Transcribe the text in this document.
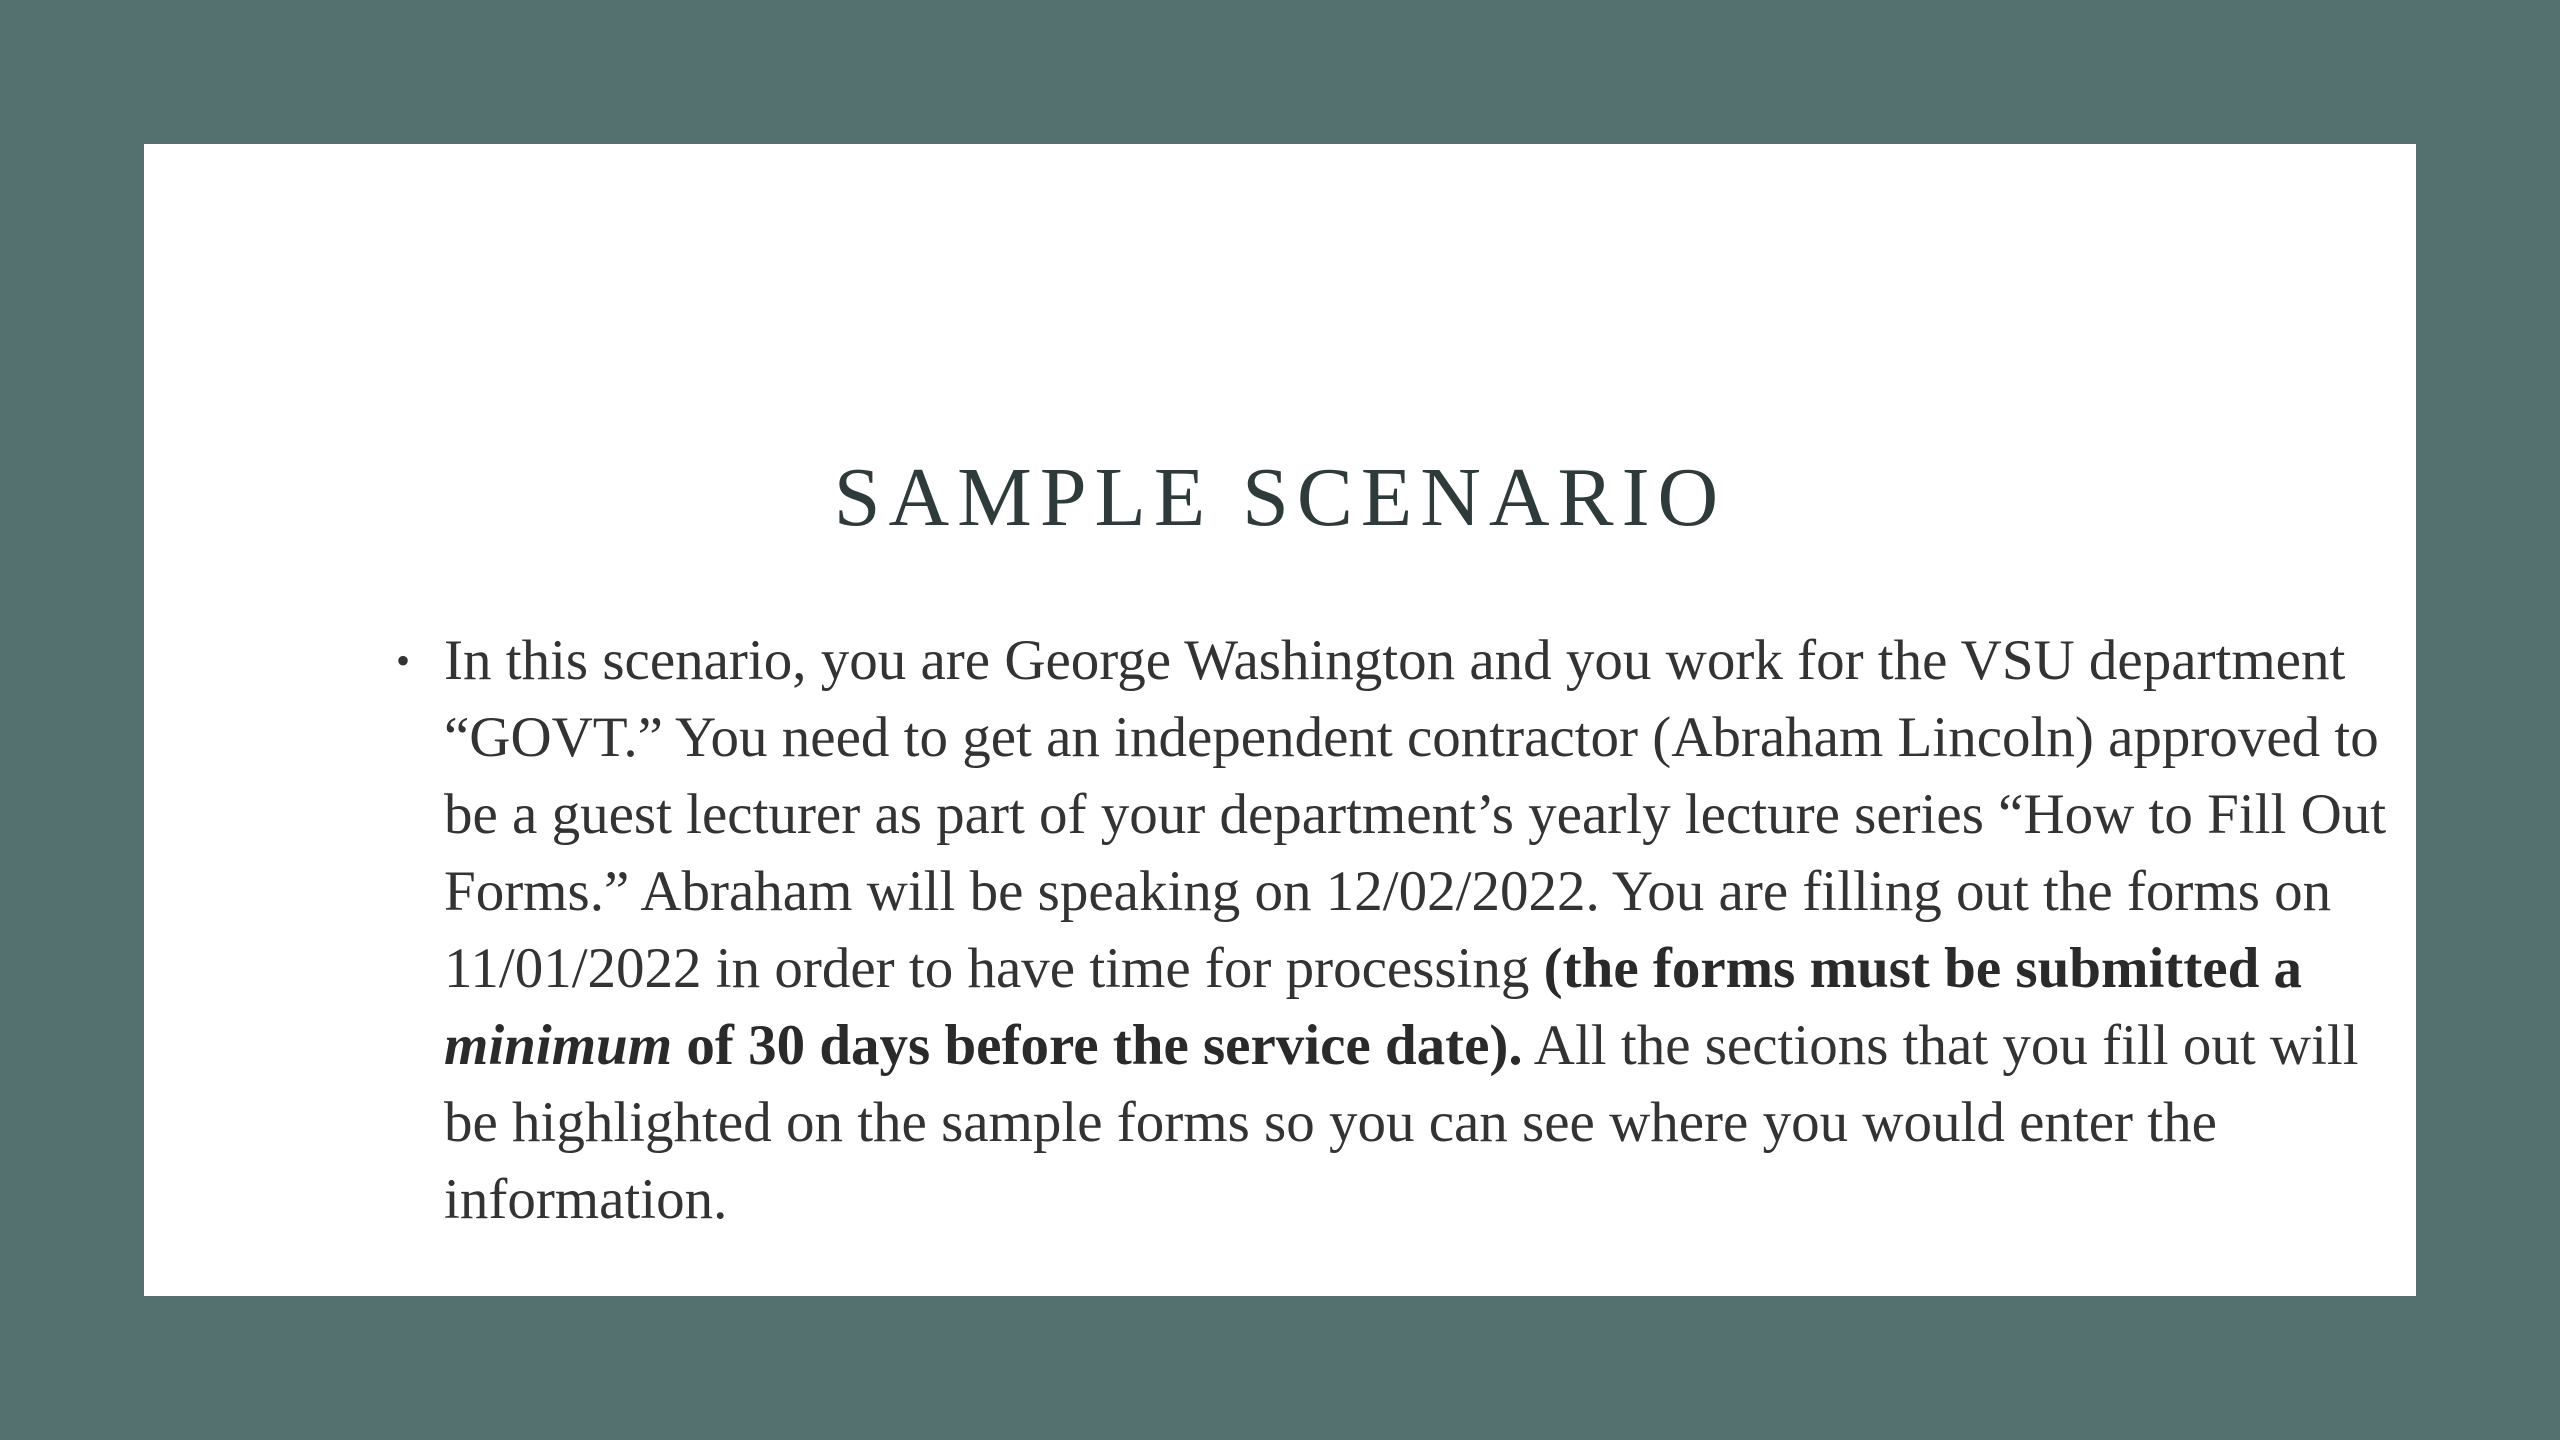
SAMPLE SCENARIO
• In this scenario, you are George Washington and you work for the VSU department “GOVT.” You need to get an independent contractor (Abraham Lincoln) approved to be a guest lecturer as part of your department’s yearly lecture series “How to Fill Out Forms.” Abraham will be speaking on 12/02/2022. You are filling out the forms on 11/01/2022 in order to have time for processing (the forms must be submitted a minimum of 30 days before the service date). All the sections that you fill out will be highlighted on the sample forms so you can see where you would enter the information.
